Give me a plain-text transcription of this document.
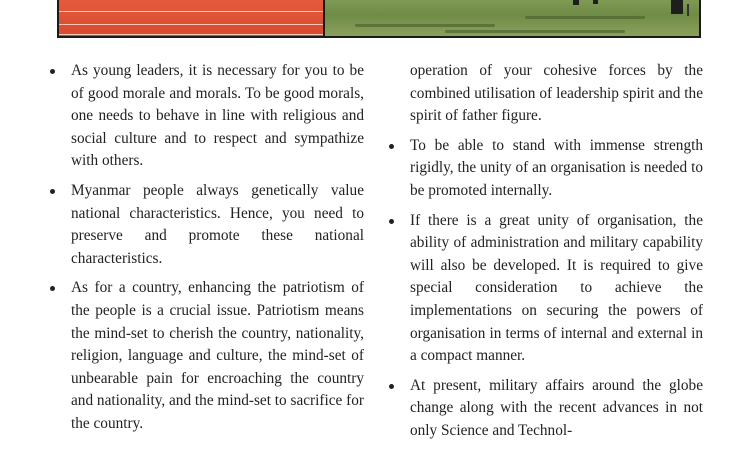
As young leaders, it is necessary for you to be of good morale and morals. To be good morals, one needs to behave in line with religious and social culture and to respect and sympathize with others.

Myanmar people always genetically value national characteristics. Hence, you need to preserve and promote these national characteristics.

As for a country, enhancing the patriotism of the people is a crucial issue. Patriotism means the mind-set to cherish the country, nationality, religion, language and culture, the mind-set of unbearable pain for encroaching the country and nationality, and the mind-set to sacrifice for the country.

operation of your cohesive forces by the combined utilisation of leadership spirit and the spirit of father figure.

To be able to stand with immense strength rigidly, the unity of an organisation is needed to be promoted internally.

If there is a great unity of organisation, the ability of administration and military capability will also be developed. It is required to give special consideration to achieve the implementations on securing the powers of organisation in terms of internal and external in a compact manner.

At present, military affairs around the globe change along with the recent advances in not only Science and Technol-
